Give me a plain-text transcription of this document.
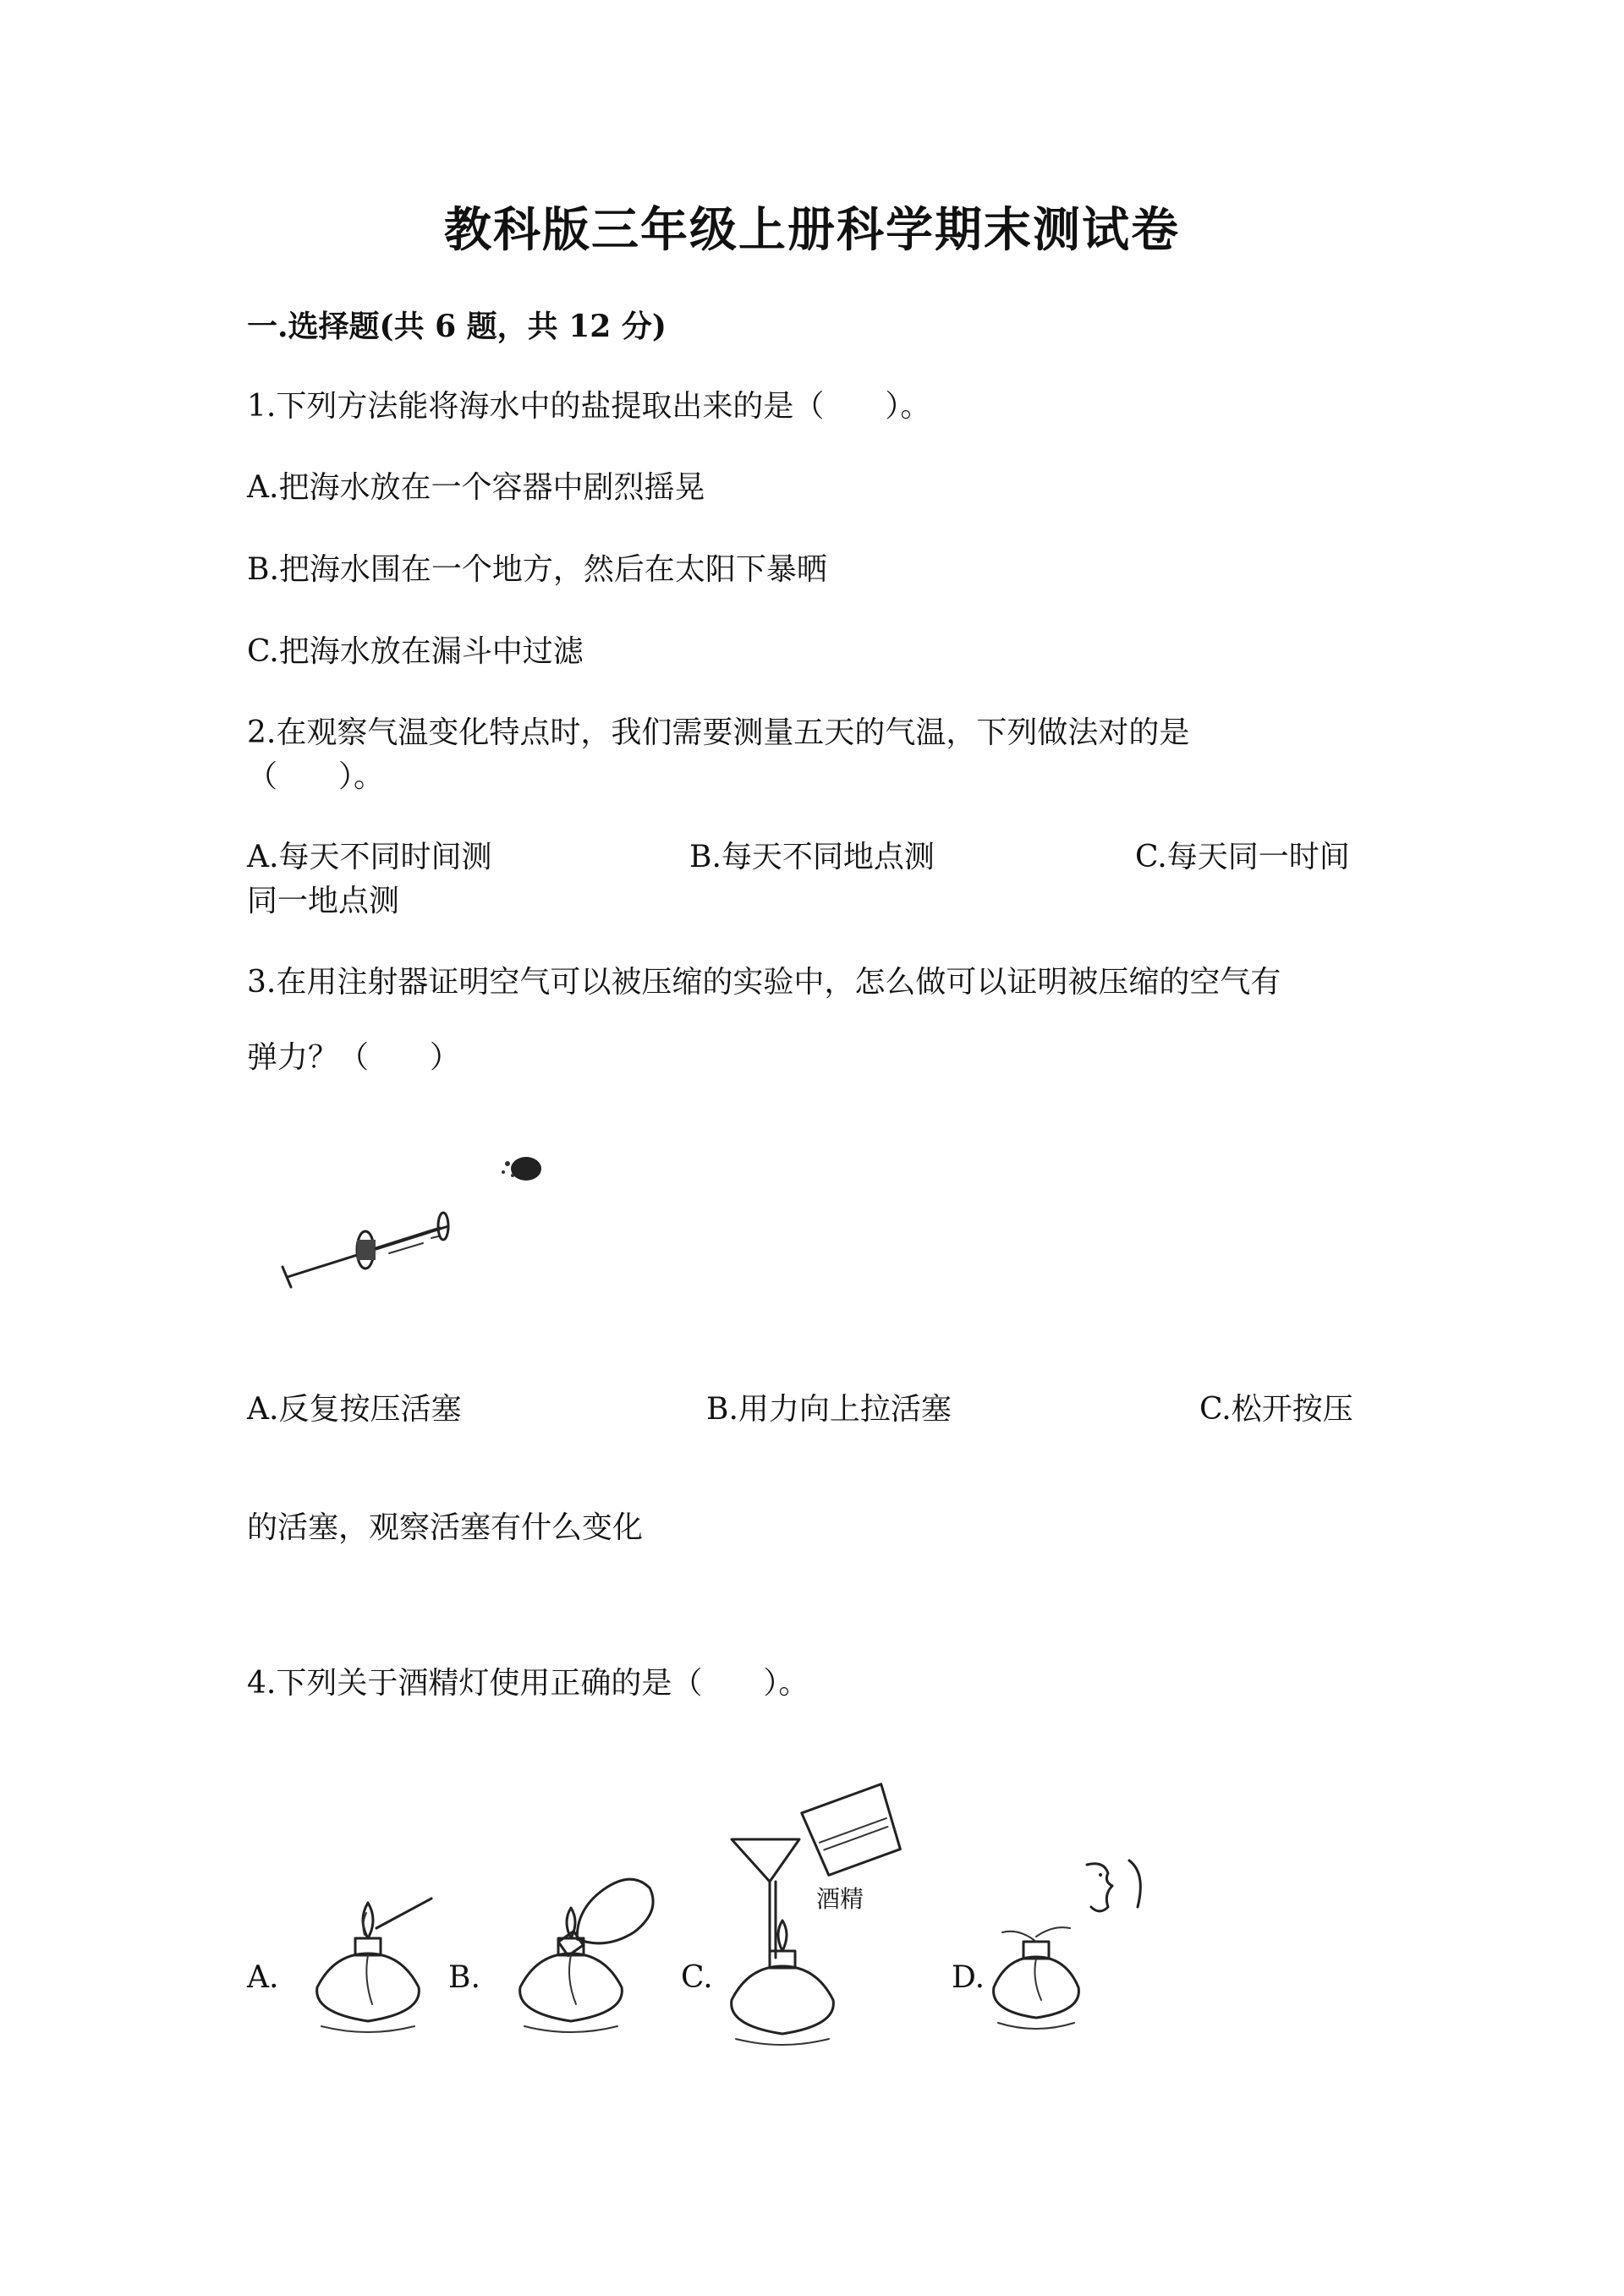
教科版三年级上册科学期末测试卷
一.选择题(共 6 题，共 12 分)
1.下列方法能将海水中的盐提取出来的是（　　）。
A.把海水放在一个容器中剧烈摇晃
B.把海水围在一个地方，然后在太阳下暴晒
C.把海水放在漏斗中过滤
2.在观察气温变化特点时，我们需要测量五天的气温，下列做法对的是
（　　）。
A.每天不同时间测	B.每天不同地点测	C.每天同一时间
同一地点测
3.在用注射器证明空气可以被压缩的实验中，怎么做可以证明被压缩的空气有
弹力？（　　）
A.反复按压活塞	B.用力向上拉活塞	C.松开按压
的活塞，观察活塞有什么变化
4.下列关于酒精灯使用正确的是（　　）。
A.	B.	C.	D.
酒精
